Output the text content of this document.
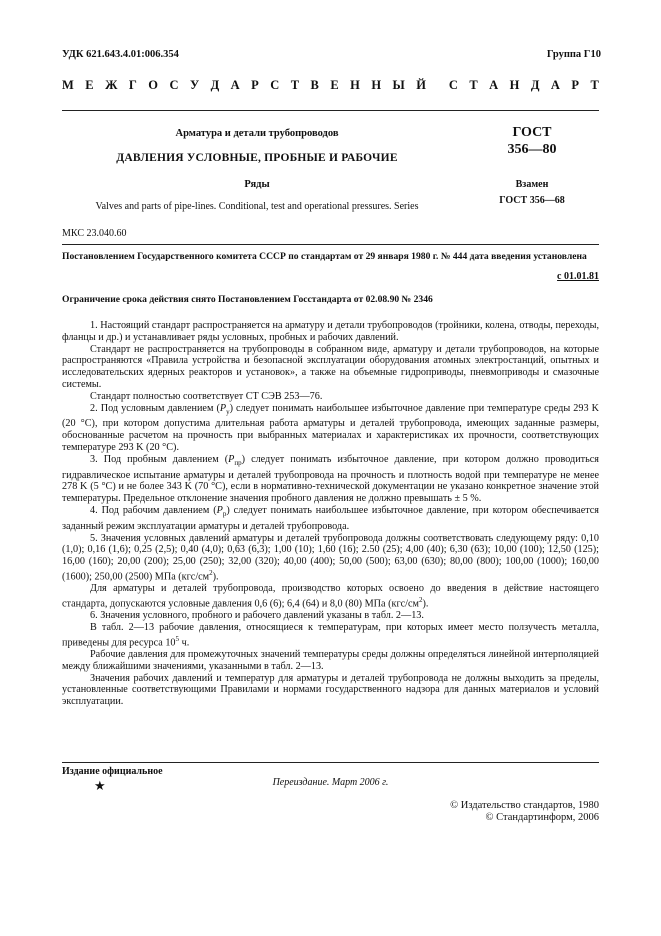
УДК 621.643.4.01:006.354	Группа Г10
М Е Ж Г О С У Д А Р С Т В Е Н Н Ы Й С Т А Н Д А Р Т
Арматура и детали трубопроводов
ДАВЛЕНИЯ УСЛОВНЫЕ, ПРОБНЫЕ И РАБОЧИЕ
Ряды
Valves and parts of pipe-lines. Conditional, test and operational pressures. Series
ГОСТ
356—80
Взамен
ГОСТ 356—68
МКС 23.040.60
Постановлением Государственного комитета СССР по стандартам от 29 января 1980 г. № 444 дата введения установлена
с 01.01.81
Ограничение срока действия снято Постановлением Госстандарта от 02.08.90 № 2346

1. Настоящий стандарт распространяется на арматуру и детали трубопроводов (тройники, колена, отводы, переходы, фланцы и др.) и устанавливает ряды условных, пробных и рабочих давлений.

Стандарт не распространяется на трубопроводы в собранном виде, арматуру и детали трубопроводов, на которые распространяются «Правила устройства и безопасной эксплуатации оборудования атомных электростанций, опытных и исследовательских ядерных реакторов и установок», а также на объемные гидроприводы, пневмоприводы и смазочные системы.

Стандарт полностью соответствует СТ СЭВ 253—76.

2. Под условным давлением $(P_у)$ следует понимать наибольшее избыточное давление при температуре среды 293 K (20 °С), при котором допустима длительная работа арматуры и деталей трубопровода, имеющих заданные размеры, обоснованные расчетом на прочность при выбранных материалах и характеристиках их прочности, соответствующих температуре 293 K (20 °С).

3. Под пробным давлением $(P_{пр})$ следует понимать избыточное давление, при котором должно проводиться гидравлическое испытание арматуры и деталей трубопровода на прочность и плотность водой при температуре не менее 278 K (5 °С) и не более 343 K (70 °С), если в нормативно-технической документации не указано конкретное значение этой температуры. Предельное отклонение значения пробного давления не должно превышать ± 5 %.

4. Под рабочим давлением $(P_р)$ следует понимать наибольшее избыточное давление, при котором обеспечивается заданный режим эксплуатации арматуры и деталей трубопровода.

5. Значения условных давлений арматуры и деталей трубопровода должны соответствовать следующему ряду: 0,10 (1,0); 0,16 (1,6); 0,25 (2,5); 0,40 (4,0); 0,63 (6,3); 1,00 (10); 1,60 (16); 2.50 (25); 4,00 (40); 6,30 (63); 10,00 (100); 12,50 (125); 16,00 (160); 20,00 (200); 25,00 (250); 32,00 (320); 40,00 (400); 50,00 (500); 63,00 (630); 80,00 (800); 100,00 (1000); 160,00 (1600); 250,00 (2500) МПа $(кгс/см^2)$.

Для арматуры и деталей трубопровода, производство которых освоено до введения в действие настоящего стандарта, допускаются условные давления 0,6 (6); 6,4 (64) и 8,0 (80) МПа $(кгс/см^2)$.

6. Значения условного, пробного и рабочего давлений указаны в табл. 2—13.

В табл. 2—13 рабочие давления, относящиеся к температурам, при которых имеет место ползучесть металла, приведены для ресурса $10^5$ ч.

Рабочие давления для промежуточных значений температуры среды должны определяться линейной интерполяцией между ближайшими значениями, указанными в табл. 2—13.

Значения рабочих давлений и температур для арматуры и деталей трубопровода не должны выходить за пределы, установленные соответствующими Правилами и нормами государственного надзора для данных материалов и условий эксплуатации.

Издание официальное
★	Переиздание. Март 2006 г.
© Издательство стандартов, 1980
© Стандартинформ, 2006
